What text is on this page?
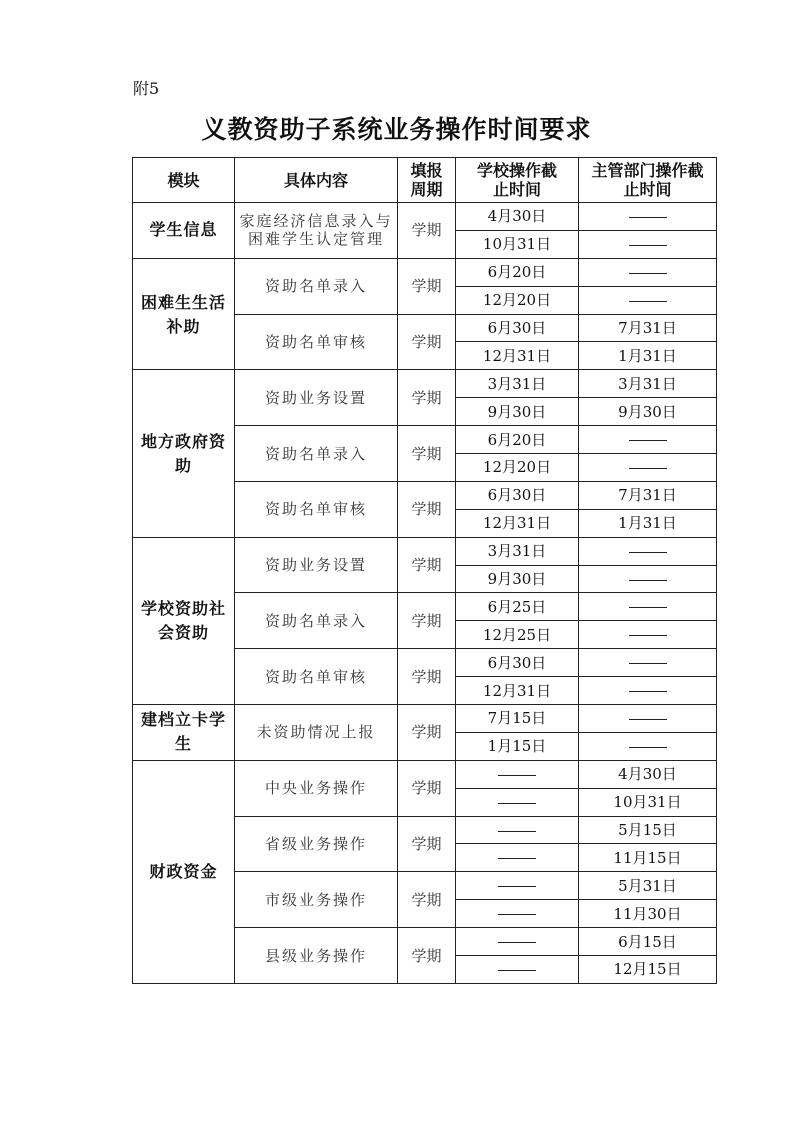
附5
义教资助子系统业务操作时间要求
模块	具体内容	填报周期	学校操作截止时间	主管部门操作截止时间
学生信息	家庭经济信息录入与困难学生认定管理	学期	4月30日	
			10月31日	
困难生生活补助	资助名单录入	学期	6月20日	
			12月20日	
	资助名单审核	学期	6月30日	7月31日
			12月31日	1月31日
地方政府资助	资助业务设置	学期	3月31日	3月31日
			9月30日	9月30日
	资助名单录入	学期	6月20日	
			12月20日	
	资助名单审核	学期	6月30日	7月31日
			12月31日	1月31日
学校资助社会资助	资助业务设置	学期	3月31日	
			9月30日	
	资助名单录入	学期	6月25日	
			12月25日	
	资助名单审核	学期	6月30日	
			12月31日	
建档立卡学生	未资助情况上报	学期	7月15日	
			1月15日	
财政资金	中央业务操作	学期		4月30日
				10月31日
	省级业务操作	学期		5月15日
				11月15日
	市级业务操作	学期		5月31日
				11月30日
	县级业务操作	学期		6月15日
				12月15日
